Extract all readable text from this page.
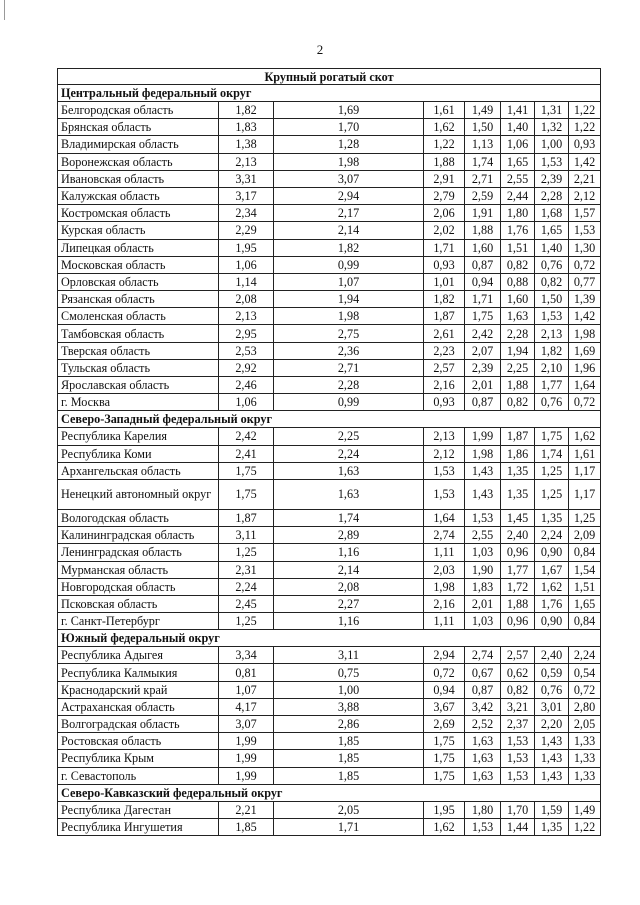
2
Крупный рогатый скот							
Центральный федеральный округ							
Белгородская область	1,82	1,69	1,61	1,49	1,41	1,31	1,22
Брянская область	1,83	1,70	1,62	1,50	1,40	1,32	1,22
Владимирская область	1,38	1,28	1,22	1,13	1,06	1,00	0,93
Воронежская область	2,13	1,98	1,88	1,74	1,65	1,53	1,42
Ивановская область	3,31	3,07	2,91	2,71	2,55	2,39	2,21
Калужская область	3,17	2,94	2,79	2,59	2,44	2,28	2,12
Костромская область	2,34	2,17	2,06	1,91	1,80	1,68	1,57
Курская область	2,29	2,14	2,02	1,88	1,76	1,65	1,53
Липецкая область	1,95	1,82	1,71	1,60	1,51	1,40	1,30
Московская область	1,06	0,99	0,93	0,87	0,82	0,76	0,72
Орловская область	1,14	1,07	1,01	0,94	0,88	0,82	0,77
Рязанская область	2,08	1,94	1,82	1,71	1,60	1,50	1,39
Смоленская область	2,13	1,98	1,87	1,75	1,63	1,53	1,42
Тамбовская область	2,95	2,75	2,61	2,42	2,28	2,13	1,98
Тверская область	2,53	2,36	2,23	2,07	1,94	1,82	1,69
Тульская область	2,92	2,71	2,57	2,39	2,25	2,10	1,96
Ярославская область	2,46	2,28	2,16	2,01	1,88	1,77	1,64
г. Москва	1,06	0,99	0,93	0,87	0,82	0,76	0,72
Северо-Западный федеральный округ							
Республика Карелия	2,42	2,25	2,13	1,99	1,87	1,75	1,62
Республика Коми	2,41	2,24	2,12	1,98	1,86	1,74	1,61
Архангельская область	1,75	1,63	1,53	1,43	1,35	1,25	1,17
Ненецкий автономный округ	1,75	1,63	1,53	1,43	1,35	1,25	1,17
Вологодская область	1,87	1,74	1,64	1,53	1,45	1,35	1,25
Калининградская область	3,11	2,89	2,74	2,55	2,40	2,24	2,09
Ленинградская область	1,25	1,16	1,11	1,03	0,96	0,90	0,84
Мурманская область	2,31	2,14	2,03	1,90	1,77	1,67	1,54
Новгородская область	2,24	2,08	1,98	1,83	1,72	1,62	1,51
Псковская область	2,45	2,27	2,16	2,01	1,88	1,76	1,65
г. Санкт-Петербург	1,25	1,16	1,11	1,03	0,96	0,90	0,84
Южный федеральный округ							
Республика Адыгея	3,34	3,11	2,94	2,74	2,57	2,40	2,24
Республика Калмыкия	0,81	0,75	0,72	0,67	0,62	0,59	0,54
Краснодарский край	1,07	1,00	0,94	0,87	0,82	0,76	0,72
Астраханская область	4,17	3,88	3,67	3,42	3,21	3,01	2,80
Волгоградская область	3,07	2,86	2,69	2,52	2,37	2,20	2,05
Ростовская область	1,99	1,85	1,75	1,63	1,53	1,43	1,33
Республика Крым	1,99	1,85	1,75	1,63	1,53	1,43	1,33
г. Севастополь	1,99	1,85	1,75	1,63	1,53	1,43	1,33
Северо-Кавказский федеральный округ							
Республика Дагестан	2,21	2,05	1,95	1,80	1,70	1,59	1,49
Республика Ингушетия	1,85	1,71	1,62	1,53	1,44	1,35	1,22
